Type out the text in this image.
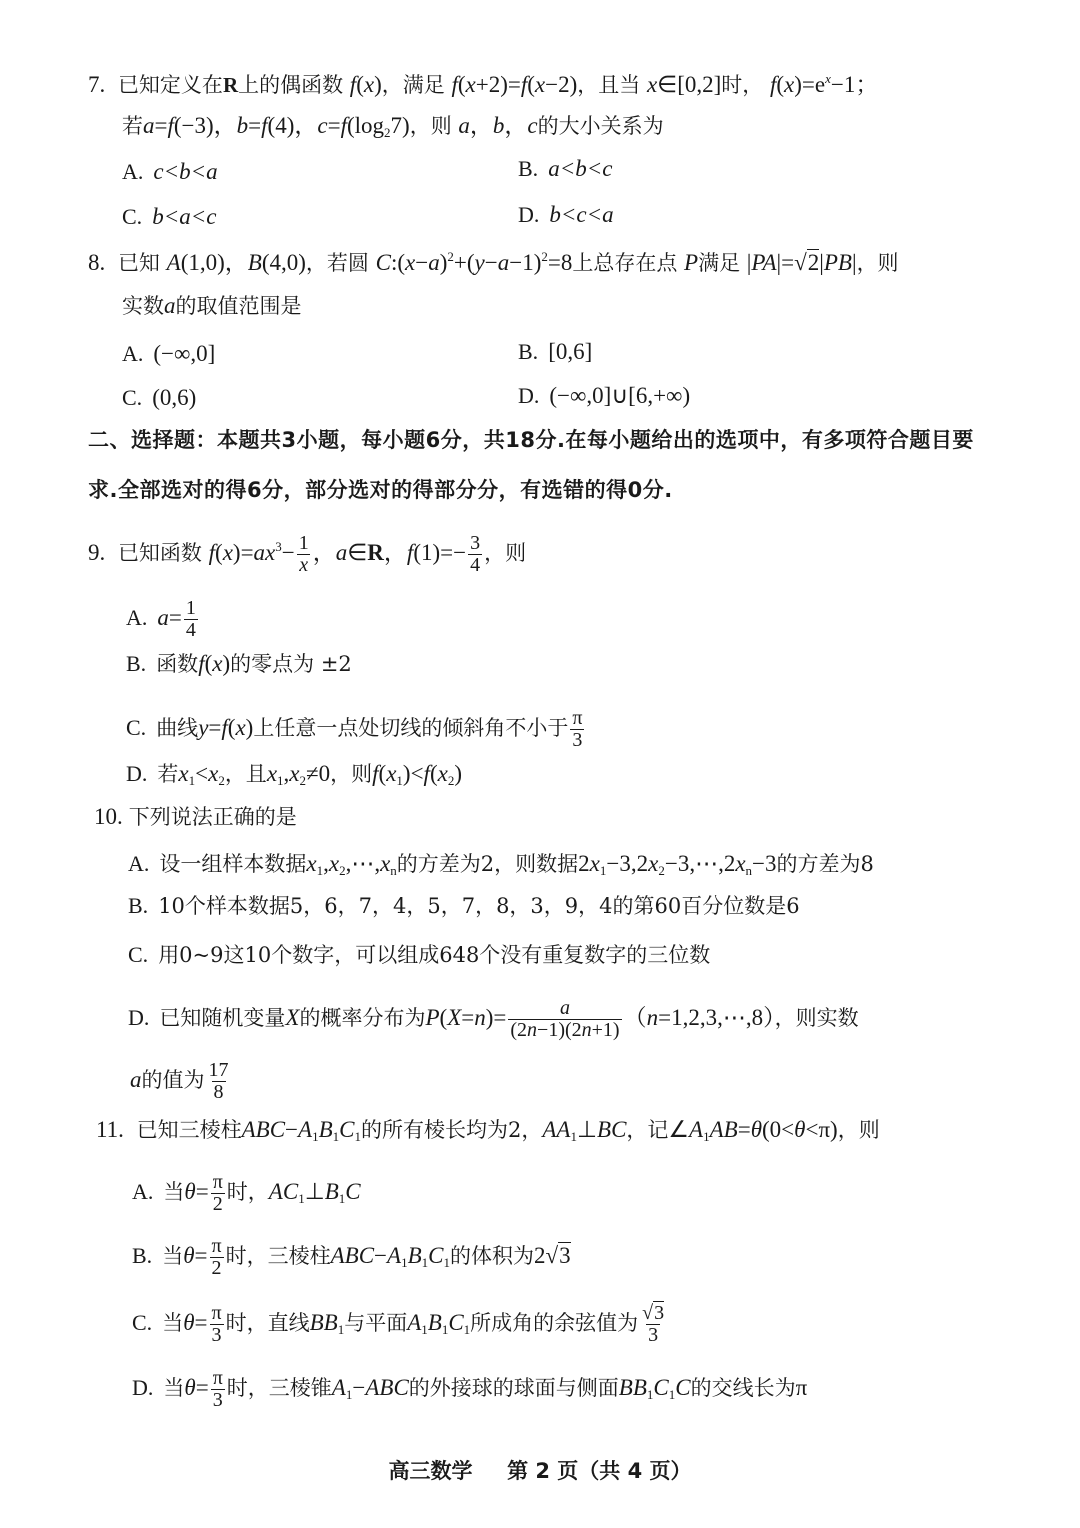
7. 已知定义在R上的偶函数 f(x)，满足 f(x+2)=f(x−2)，且当 x∈[0,2]时， $f(x)=e^x-1$；
若a=f(−3)，b=f(4)，$c=f(\log_27)$，则 a，b，c的大小关系为
A. c<b<a	B. a<b<c
C. b<a<c	D. b<c<a
8. 已知 A(1,0)，B(4,0)，若圆 $C:(x-a)^2+(y-a-1)^2=8$上总存在点 P满足 |PA|=√2|PB|，则
实数a的取值范围是
A. (−∞,0]	B. [0,6]
C. (0,6)	D. (−∞,0]∪[6,+∞)
二、选择题：本题共3小题，每小题6分，共18分.在每小题给出的选项中，有多项符合题目要
求.全部选对的得6分，部分选对的得部分分，有选错的得0分.
9. 已知函数 $f(x)=ax^3- \frac{1}{x}$ ，a∈R，$f(1)=- \frac{3}{4}$ ，则
A. $a= \frac{1}{4}$
B. 函数f(x)的零点为 ±2
C. 曲线y=f(x)上任意一点处切线的倾斜角不小于 $\frac{\pi}{3}$
D. 若$x_1<x_2$，且$x_1,x_2\ne 0$，则$f(x_1)<f(x_2)$
10. 下列说法正确的是
A. 设一组样本数据$x_1,x_2,\cdots,x_n$的方差为2，则数据$2x_1-3,2x_2-3,\cdots,2x_n-3$的方差为8
B. 10个样本数据5，6，7，4，5，7，8，3，9，4的第60百分位数是6
C. 用0~9这10个数字，可以组成648个没有重复数字的三位数
D. 已知随机变量X的概率分布为$P(X=n)= \frac{a}{(2n-1)(2n+1)}$ （n=1,2,3,⋯,8），则实数
a的值为 $\frac{17}{8}$
11. 已知三棱柱$ABC-A_1B_1C_1$的所有棱长均为2，$AA_1\perp BC$，记$\angle A_1AB=\theta(0<\theta<\pi)$，则
A. 当$\theta= \frac{\pi}{2}$ 时，$AC_1\perp B_1C$
B. 当$\theta= \frac{\pi}{2}$ 时，三棱柱$ABC-A_1B_1C_1$的体积为2√3
C. 当$\theta= \frac{\pi}{3}$ 时，直线$BB_1$与平面$A_1B_1C_1$所成角的余弦值为 $\frac{√3}{3}$
D. 当$\theta= \frac{\pi}{3}$ 时，三棱锥$A_1-ABC$的外接球的球面与侧面$BB_1C_1C$的交线长为π
高三数学 第 2 页（共 4 页）
